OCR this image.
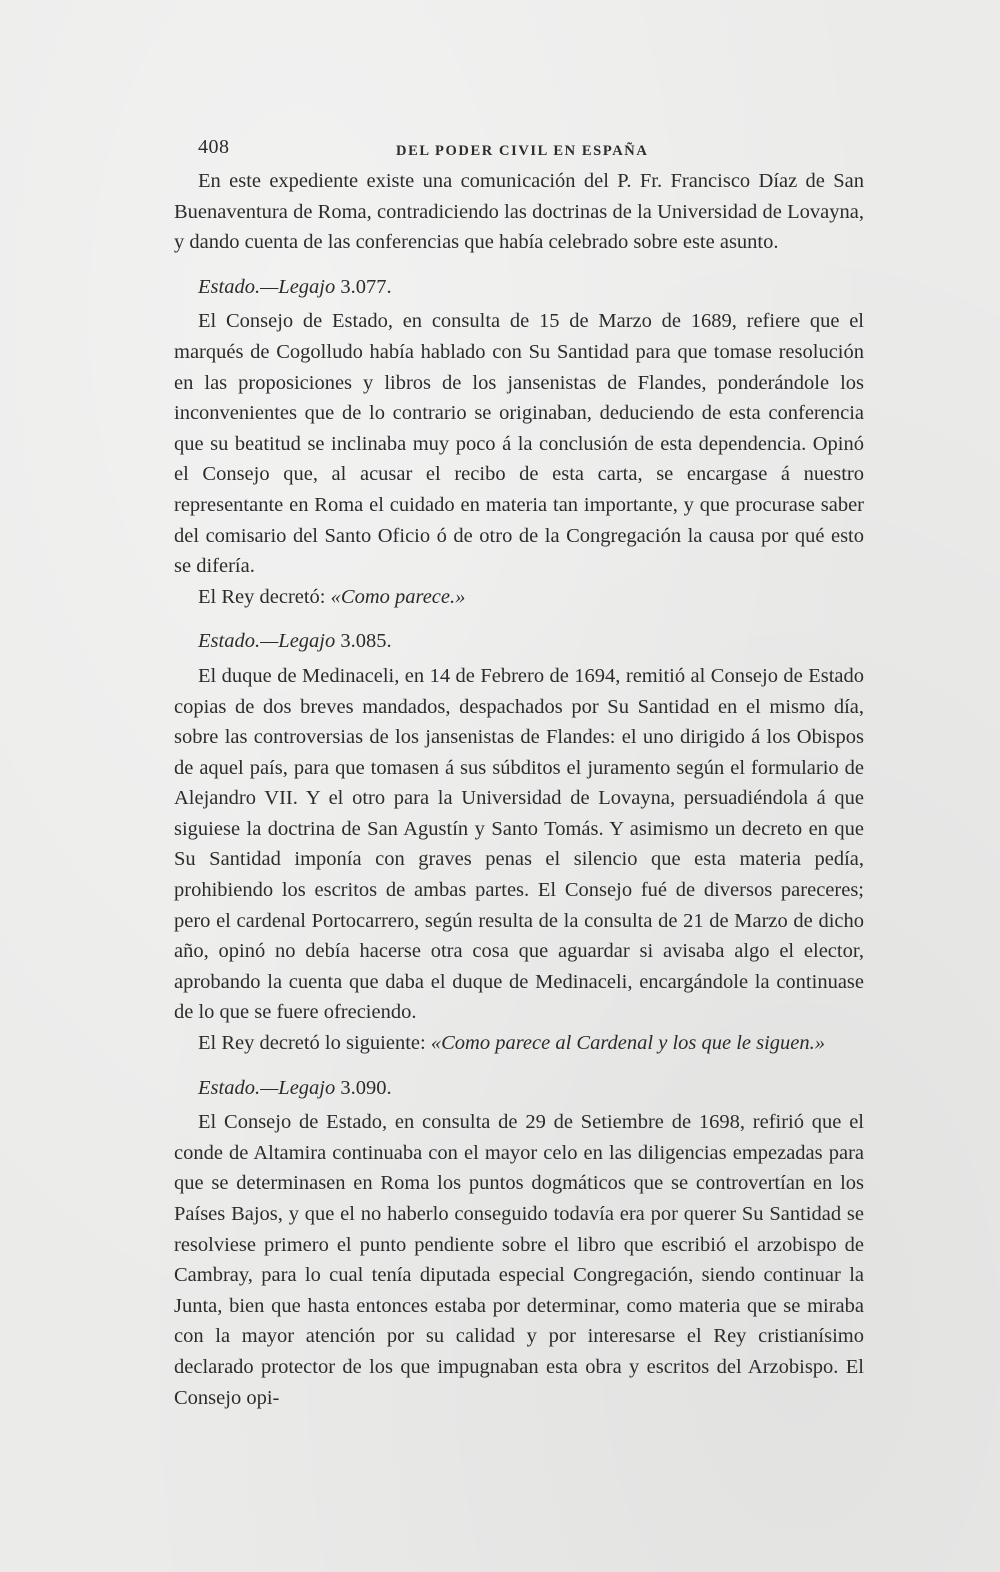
408	DEL PODER CIVIL EN ESPAÑA

En este expediente existe una comunicación del P. Fr. Francisco Díaz de San Buenaventura de Roma, contradiciendo las doctrinas de la Universidad de Lovayna, y dando cuenta de las conferencias que había celebrado sobre este asunto.

Estado.—Legajo 3.077.

El Consejo de Estado, en consulta de 15 de Marzo de 1689, refiere que el marqués de Cogolludo había hablado con Su Santidad para que tomase resolución en las proposiciones y libros de los jansenistas de Flandes, ponderándole los inconvenientes que de lo contrario se originaban, deduciendo de esta conferencia que su beatitud se inclinaba muy poco á la conclusión de esta dependencia. Opinó el Consejo que, al acusar el recibo de esta carta, se encargase á nuestro representante en Roma el cuidado en materia tan importante, y que procurase saber del comisario del Santo Oficio ó de otro de la Congregación la causa por qué esto se difería.

El Rey decretó: «Como parece.»

Estado.—Legajo 3.085.

El duque de Medinaceli, en 14 de Febrero de 1694, remitió al Consejo de Estado copias de dos breves mandados, despachados por Su Santidad en el mismo día, sobre las controversias de los jansenistas de Flandes: el uno dirigido á los Obispos de aquel país, para que tomasen á sus súbditos el juramento según el formulario de Alejandro VII. Y el otro para la Universidad de Lovayna, persuadiéndola á que siguiese la doctrina de San Agustín y Santo Tomás. Y asimismo un decreto en que Su Santidad imponía con graves penas el silencio que esta materia pedía, prohibiendo los escritos de ambas partes. El Consejo fué de diversos pareceres; pero el cardenal Portocarrero, según resulta de la consulta de 21 de Marzo de dicho año, opinó no debía hacerse otra cosa que aguardar si avisaba algo el elector, aprobando la cuenta que daba el duque de Medinaceli, encargándole la continuase de lo que se fuere ofreciendo.

El Rey decretó lo siguiente: «Como parece al Cardenal y los que le siguen.»

Estado.—Legajo 3.090.

El Consejo de Estado, en consulta de 29 de Setiembre de 1698, refirió que el conde de Altamira continuaba con el mayor celo en las diligencias empezadas para que se determinasen en Roma los puntos dogmáticos que se controvertían en los Países Bajos, y que el no haberlo conseguido todavía era por querer Su Santidad se resolviese primero el punto pendiente sobre el libro que escribió el arzobispo de Cambray, para lo cual tenía diputada especial Congregación, siendo continuar la Junta, bien que hasta entonces estaba por determinar, como materia que se miraba con la mayor atención por su calidad y por interesarse el Rey cristianísimo declarado protector de los que impugnaban esta obra y escritos del Arzobispo. El Consejo opi-
